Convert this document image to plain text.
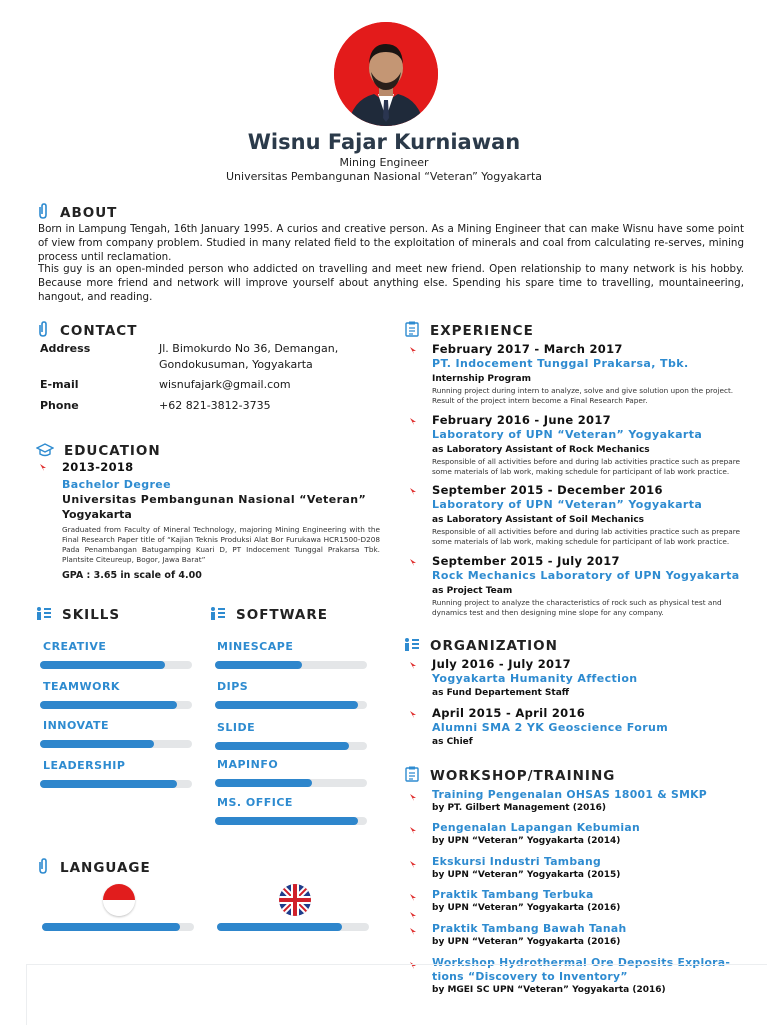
Wisnu Fajar Kurniawan
Mining Engineer
Universitas Pembangunan Nasional “Veteran” Yogyakarta
ABOUT
Born in Lampung Tengah, 16th January 1995. A curios and creative person. As a Mining Engineer that can make Wisnu have some point of view from company problem. Studied in many related field to the exploitation of minerals and coal from calculating re-serves, mining process until reclamation.
This guy is an open-minded person who addicted on travelling and meet new friend. Open relationship to many network is his hobby. Because more friend and network will improve yourself about anything else. Spending his spare time to travelling, mountaineering, hangout, and reading.
CONTACT
Address	Jl. Bimokurdo No 36, Demangan,
Gondokusuman, Yogyakarta
E-mail	wisnufajark@gmail.com
Phone	+62 821-3812-3735
EDUCATION
2013-2018
Bachelor Degree
Universitas Pembangunan Nasional “Veteran”
Yogyakarta
Graduated from Faculty of Mineral Technology, majoring Mining Engineering with the Final Research Paper title of “Kajian Teknis Produksi Alat Bor Furukawa HCR1500-D208 Pada Penambangan Batugamping Kuari D, PT Indocement Tunggal Prakarsa Tbk. Plantsite Citeureup, Bogor, Jawa Barat”
GPA : 3.65 in scale of 4.00
SKILLS
CREATIVE
TEAMWORK
INNOVATE
LEADERSHIP
SOFTWARE
MINESCAPE
DIPS
SLIDE
MAPINFO
MS. OFFICE
LANGUAGE
EXPERIENCE
February 2017 - March 2017
PT. Indocement Tunggal Prakarsa, Tbk.
Internship Program
Running project during intern to analyze, solve and give solution upon the project.
Result of the project intern become a Final Research Paper.
February 2016 - June 2017
Laboratory of UPN “Veteran” Yogyakarta
as Laboratory Assistant of Rock Mechanics
Responsible of all activities before and during lab activities practice such as prepare
some materials of lab work, making schedule for participant of lab work practice.
September 2015 - December 2016
Laboratory of UPN “Veteran” Yogyakarta
as Laboratory Assistant of Soil Mechanics
Responsible of all activities before and during lab activities practice such as prepare
some materials of lab work, making schedule for participant of lab work practice.
September 2015 - July 2017
Rock Mechanics Laboratory of UPN Yogyakarta
as Project Team
Running project to analyze the characteristics of rock such as physical test and
dynamics test and then designing mine slope for any company.
ORGANIZATION
July 2016 - July 2017
Yogyakarta Humanity Affection
as Fund Departement Staff
April 2015 - April 2016
Alumni SMA 2 YK Geoscience Forum
as Chief
WORKSHOP/TRAINING
Training Pengenalan OHSAS 18001 & SMKP
by PT. Gilbert Management (2016)
Pengenalan Lapangan Kebumian
by UPN “Veteran” Yogyakarta (2014)
Ekskursi Industri Tambang
by UPN “Veteran” Yogyakarta (2015)
Praktik Tambang Terbuka
by UPN “Veteran” Yogyakarta (2016)
Praktik Tambang Bawah Tanah
by UPN “Veteran” Yogyakarta (2016)
Workshop Hydrothermal Ore Deposits Explora-
tions “Discovery to Inventory”
by MGEI SC UPN “Veteran” Yogyakarta (2016)
